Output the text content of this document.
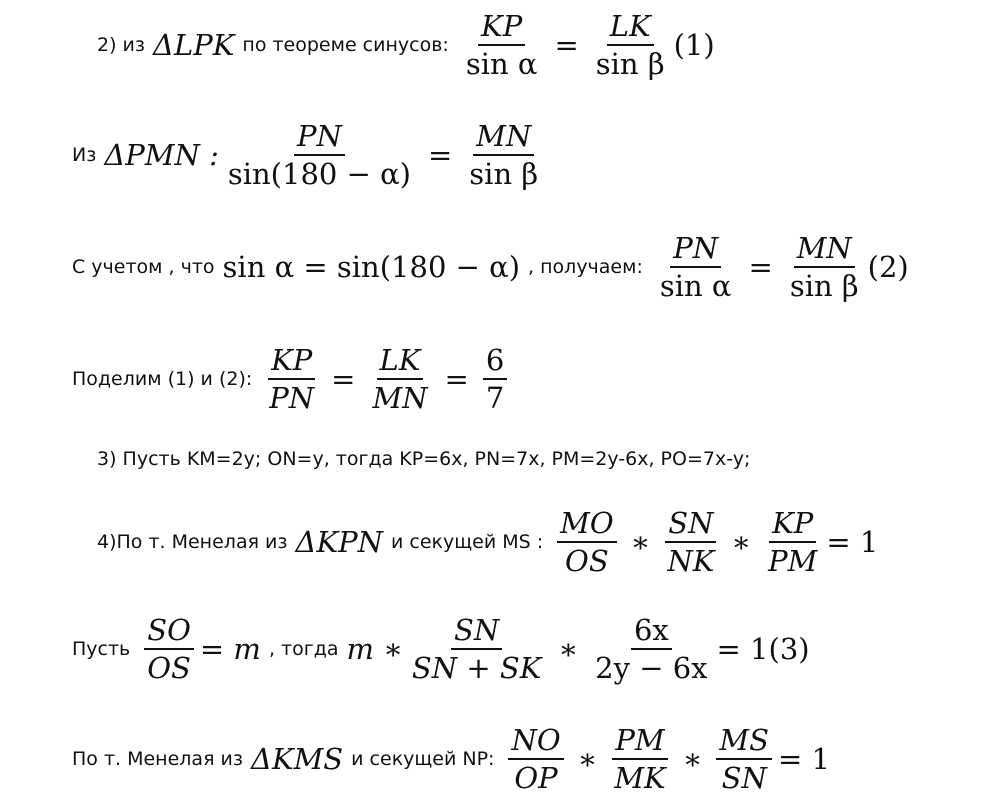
2) из ΔLPK по теореме синусов: $\frac{KP}{\text{sin α}} = \frac{LK}{\text{sin β}} (1)$
Из ΔPMN : $\frac{PN}{\sin(180 - \alpha)} = \frac{MN}{\text{sin β}}$
С учетом , что sin α = sin(180 − α) , получаем: $\frac{PN}{\text{sin α}} = \frac{MN}{\text{sin β}} (2)$
Поделим (1) и (2): $\frac{KP}{PN} = \frac{LK}{MN} = \frac{6}{7}$
3) Пусть KM=2y; ON=y, тогда KP=6x, PN=7x, PM=2y-6x, PO=7x-y;
4)По т. Менелая из ΔKPN и секущей MS : $\frac{MO}{OS}$ ∗ $\frac{SN}{NK}$ ∗ $\frac{KP}{PM} = 1$
Пусть $\frac{SO}{OS} = m$ , тогда m ∗ $\frac{SN}{SN + SK}$ ∗ $\frac{6x}{2y - 6x} = 1(3)$
По т. Менелая из ΔKMS и секущей NP: $\frac{NO}{OP}$ ∗ $\frac{PM}{MK}$ ∗ $\frac{MS}{SN} = 1$
